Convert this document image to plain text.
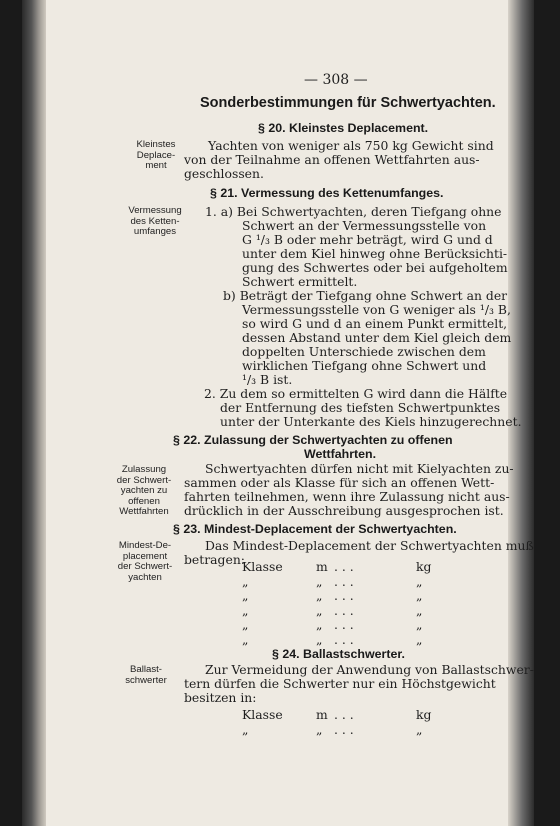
— 308 —
Sonderbestimmungen für Schwertyachten.
§ 20. Kleinstes Deplacement.
Kleinstes
Deplace-
ment
Yachten von weniger als 750 kg Gewicht sind
von der Teilnahme an offenen Wettfahrten aus-
geschlossen.
§ 21. Vermessung des Kettenumfanges.
Vermessung
des Ketten-
umfanges
1. a) Bei Schwertyachten, deren Tiefgang ohne
Schwert an der Vermessungsstelle von
G ¹/₃ B oder mehr beträgt, wird G und d
unter dem Kiel hinweg ohne Berücksichti-
gung des Schwertes oder bei aufgeholtem
Schwert ermittelt.
b) Beträgt der Tiefgang ohne Schwert an der
Vermessungsstelle von G weniger als ¹/₃ B,
so wird G und d an einem Punkt ermittelt,
dessen Abstand unter dem Kiel gleich dem
doppelten Unterschiede zwischen dem
wirklichen Tiefgang ohne Schwert und
¹/₃ B ist.
2. Zu dem so ermittelten G wird dann die Hälfte
der Entfernung des tiefsten Schwertpunktes
unter der Unterkante des Kiels hinzugerechnet.
§ 22. Zulassung der Schwertyachten zu offenen
Wettfahrten.
Zulassung
der Schwert-
yachten zu
offenen
Wettfahrten
Schwertyachten dürfen nicht mit Kielyachten zu-
sammen oder als Klasse für sich an offenen Wett-
fahrten teilnehmen, wenn ihre Zulassung nicht aus-
drücklich in der Ausschreibung ausgesprochen ist.
§ 23. Mindest-Deplacement der Schwertyachten.
Mindest-De-
placement
der Schwert-
yachten
Das Mindest-Deplacement der Schwertyachten muß
betragen:
Klasse	m . . .	kg
„	„ . . .	„
„	„ . . .	„
„	„ . . .	„
„	„ . . .	„
„	„ . . .	„
§ 24. Ballastschwerter.
Ballast-
schwerter
Zur Vermeidung der Anwendung von Ballastschwer-
tern dürfen die Schwerter nur ein Höchstgewicht
besitzen in:
Klasse	m . . .	kg
„	„ . . .	„
